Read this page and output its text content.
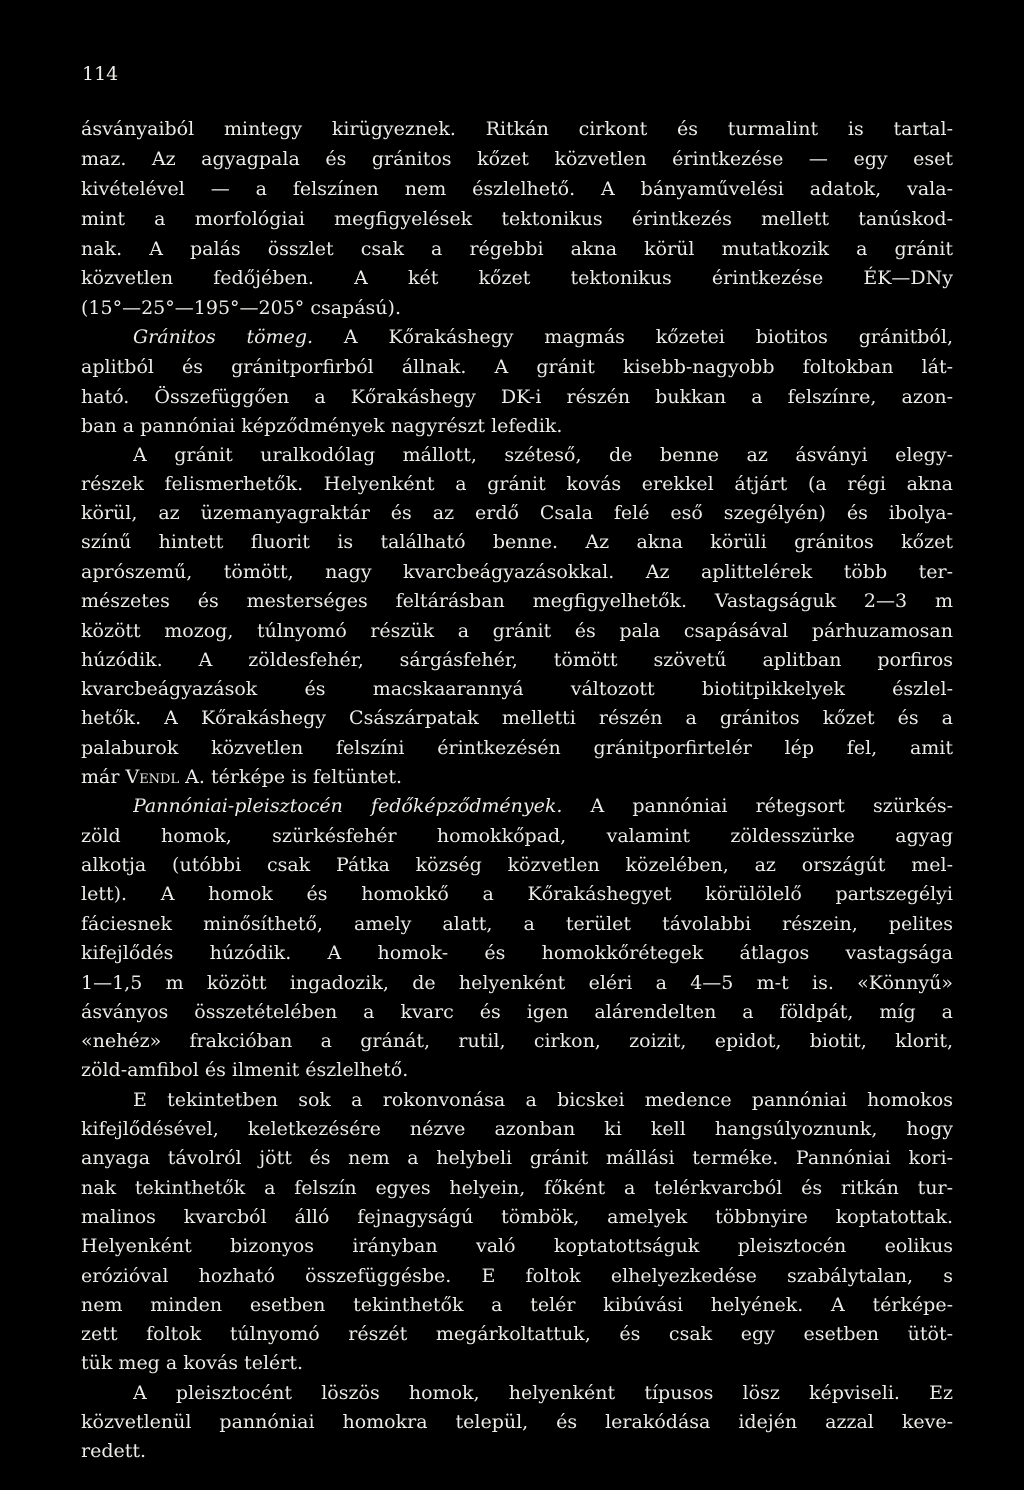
114
ásványaiból mintegy kirügyeznek. Ritkán cirkont és turmalint is tartal-
maz. Az agyagpala és gránitos kőzet közvetlen érintkezése — egy eset
kivételével — a felszínen nem észlelhető. A bányaművelési adatok, vala-
mint a morfológiai megfigyelések tektonikus érintkezés mellett tanúskod-
nak. A palás összlet csak a régebbi akna körül mutatkozik a gránit
közvetlen fedőjében. A két kőzet tektonikus érintkezése ÉK—DNy
(15°—25°—195°—205° csapású).
Gránitos tömeg. A Kőrakáshegy magmás kőzetei biotitos gránitból,
aplitból és gránitporfirból állnak. A gránit kisebb-nagyobb foltokban lát-
ható. Összefüggően a Kőrakáshegy DK-i részén bukkan a felszínre, azon-
ban a pannóniai képződmények nagyrészt lefedik.
A gránit uralkodólag mállott, széteső, de benne az ásványi elegy-
részek felismerhetők. Helyenként a gránit kovás erekkel átjárt (a régi akna
körül, az üzemanyagraktár és az erdő Csala felé eső szegélyén) és ibolya-
színű hintett fluorit is található benne. Az akna körüli gránitos kőzet
aprószemű, tömött, nagy kvarcbeágyazásokkal. Az aplittelérek több ter-
mészetes és mesterséges feltárásban megfigyelhetők. Vastagságuk 2—3 m
között mozog, túlnyomó részük a gránit és pala csapásával párhuzamosan
húzódik. A zöldesfehér, sárgásfehér, tömött szövetű aplitban porfiros
kvarcbeágyazások és macskaarannyá változott biotitpikkelyek észlel-
hetők. A Kőrakáshegy Császárpatak melletti részén a gránitos kőzet és a
palaburok közvetlen felszíni érintkezésén gránitporfirtelér lép fel, amit
már Vendl A. térképe is feltüntet.
Pannóniai-pleisztocén fedőképződmények. A pannóniai rétegsort szürkés-
zöld homok, szürkésfehér homokkőpad, valamint zöldesszürke agyag
alkotja (utóbbi csak Pátka község közvetlen közelében, az országút mel-
lett). A homok és homokkő a Kőrakáshegyet körülölelő partszegélyi
fáciesnek minősíthető, amely alatt, a terület távolabbi részein, pelites
kifejlődés húzódik. A homok- és homokkőrétegek átlagos vastagsága
1—1,5 m között ingadozik, de helyenként eléri a 4—5 m-t is. «Könnyű»
ásványos összetételében a kvarc és igen alárendelten a földpát, míg a
«nehéz» frakcióban a gránát, rutil, cirkon, zoizit, epidot, biotit, klorit,
zöld-amfibol és ilmenit észlelhető.
E tekintetben sok a rokonvonása a bicskei medence pannóniai homokos
kifejlődésével, keletkezésére nézve azonban ki kell hangsúlyoznunk, hogy
anyaga távolról jött és nem a helybeli gránit mállási terméke. Pannóniai kori-
nak tekinthetők a felszín egyes helyein, főként a telérkvarcból és ritkán tur-
malinos kvarcból álló fejnagyságú tömbök, amelyek többnyire koptatottak.
Helyenként bizonyos irányban való koptatottságuk pleisztocén eolikus
erózióval hozható összefüggésbe. E foltok elhelyezkedése szabálytalan, s
nem minden esetben tekinthetők a telér kibúvási helyének. A térképe-
zett foltok túlnyomó részét megárkoltattuk, és csak egy esetben ütöt-
tük meg a kovás telért.
A pleisztocént löszös homok, helyenként típusos lösz képviseli. Ez
közvetlenül pannóniai homokra települ, és lerakódása idején azzal keve-
redett.
